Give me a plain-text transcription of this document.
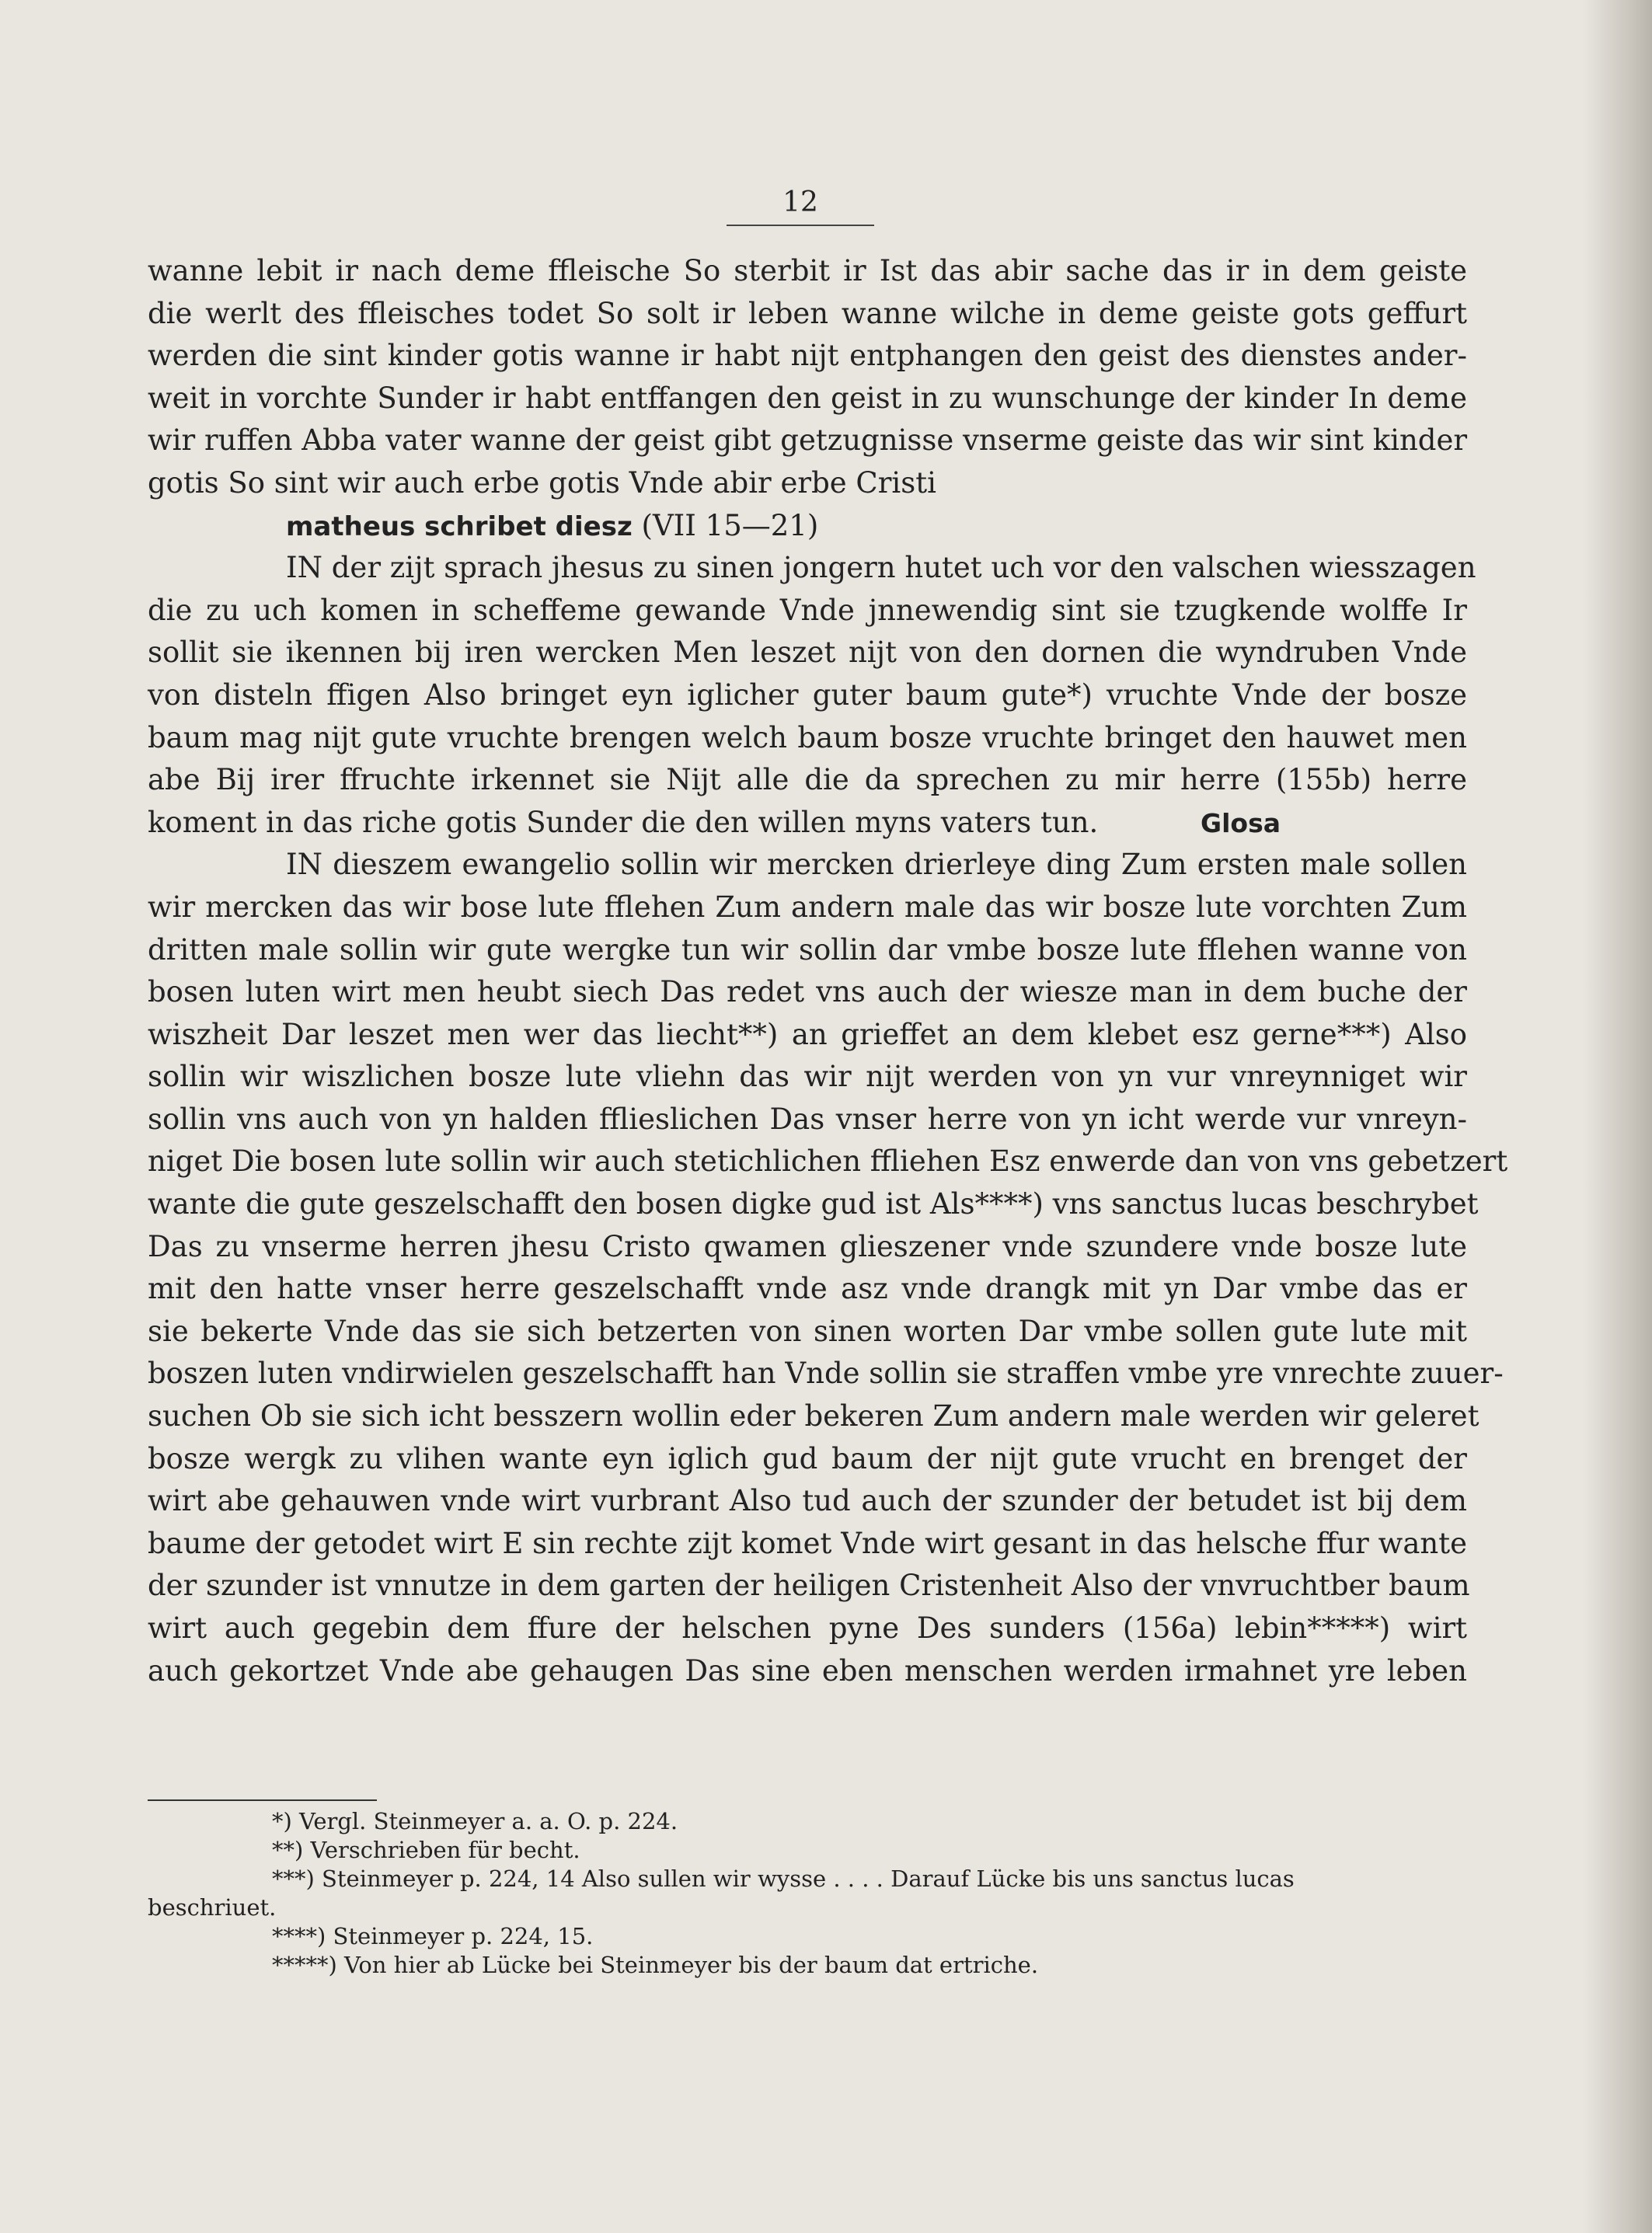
12
wanne lebit ir nach deme ffleische So sterbit ir Ist das abir sache das ir in dem geiste
die werlt des ffleisches todet So solt ir leben wanne wilche in deme geiste gots geffurt
werden die sint kinder gotis wanne ir habt nijt entphangen den geist des dienstes ander-
weit in vorchte Sunder ir habt entffangen den geist in zu wunschunge der kinder In deme
wir ruffen Abba vater wanne der geist gibt getzugnisse vnserme geiste das wir sint kinder
gotis So sint wir auch erbe gotis Vnde abir erbe Cristi
matheus schribet diesz (VII 15—21)
IN der zijt sprach jhesus zu sinen jongern hutet uch vor den valschen wiesszagen
die zu uch komen in scheffeme gewande Vnde jnnewendig sint sie tzugkende wolffe Ir
sollit sie ikennen bij iren wercken Men leszet nijt von den dornen die wyndruben Vnde
von disteln ffigen Also bringet eyn iglicher guter baum gute*) vruchte Vnde der bosze
baum mag nijt gute vruchte brengen welch baum bosze vruchte bringet den hauwet men
abe Bij irer ffruchte irkennet sie Nijt alle die da sprechen zu mir herre (155b) herre
koment in das riche gotis Sunder die den willen myns vaters tun.	Glosa
IN dieszem ewangelio sollin wir mercken drierleye ding Zum ersten male sollen
wir mercken das wir bose lute fflehen Zum andern male das wir bosze lute vorchten Zum
dritten male sollin wir gute wergke tun wir sollin dar vmbe bosze lute fflehen wanne von
bosen luten wirt men heubt siech Das redet vns auch der wiesze man in dem buche der
wiszheit Dar leszet men wer das liecht**) an grieffet an dem klebet esz gerne***) Also
sollin wir wiszlichen bosze lute vliehn das wir nijt werden von yn vur vnreynniget wir
sollin vns auch von yn halden fflieslichen Das vnser herre von yn icht werde vur vnreyn-
niget Die bosen lute sollin wir auch stetichlichen ffliehen Esz enwerde dan von vns gebetzert
wante die gute geszelschafft den bosen digke gud ist Als****) vns sanctus lucas beschrybet
Das zu vnserme herren jhesu Cristo qwamen glieszener vnde szundere vnde bosze lute
mit den hatte vnser herre geszelschafft vnde asz vnde drangk mit yn Dar vmbe das er
sie bekerte Vnde das sie sich betzerten von sinen worten Dar vmbe sollen gute lute mit
boszen luten vndirwielen geszelschafft han Vnde sollin sie straffen vmbe yre vnrechte zuuer-
suchen Ob sie sich icht besszern wollin eder bekeren Zum andern male werden wir geleret
bosze wergk zu vlihen wante eyn iglich gud baum der nijt gute vrucht en brenget der
wirt abe gehauwen vnde wirt vurbrant Also tud auch der szunder der betudet ist bij dem
baume der getodet wirt E sin rechte zijt komet Vnde wirt gesant in das helsche ffur wante
der szunder ist vnnutze in dem garten der heiligen Cristenheit Also der vnvruchtber baum
wirt auch gegebin dem ffure der helschen pyne Des sunders (156a) lebin*****) wirt
auch gekortzet Vnde abe gehaugen Das sine eben menschen werden irmahnet yre leben
*) Vergl. Steinmeyer a. a. O. p. 224.
**) Verschrieben für becht.
***) Steinmeyer p. 224, 14 Also sullen wir wysse . . . . Darauf Lücke bis uns sanctus lucas
beschriuet.
****) Steinmeyer p. 224, 15.
*****) Von hier ab Lücke bei Steinmeyer bis der baum dat ertriche.
